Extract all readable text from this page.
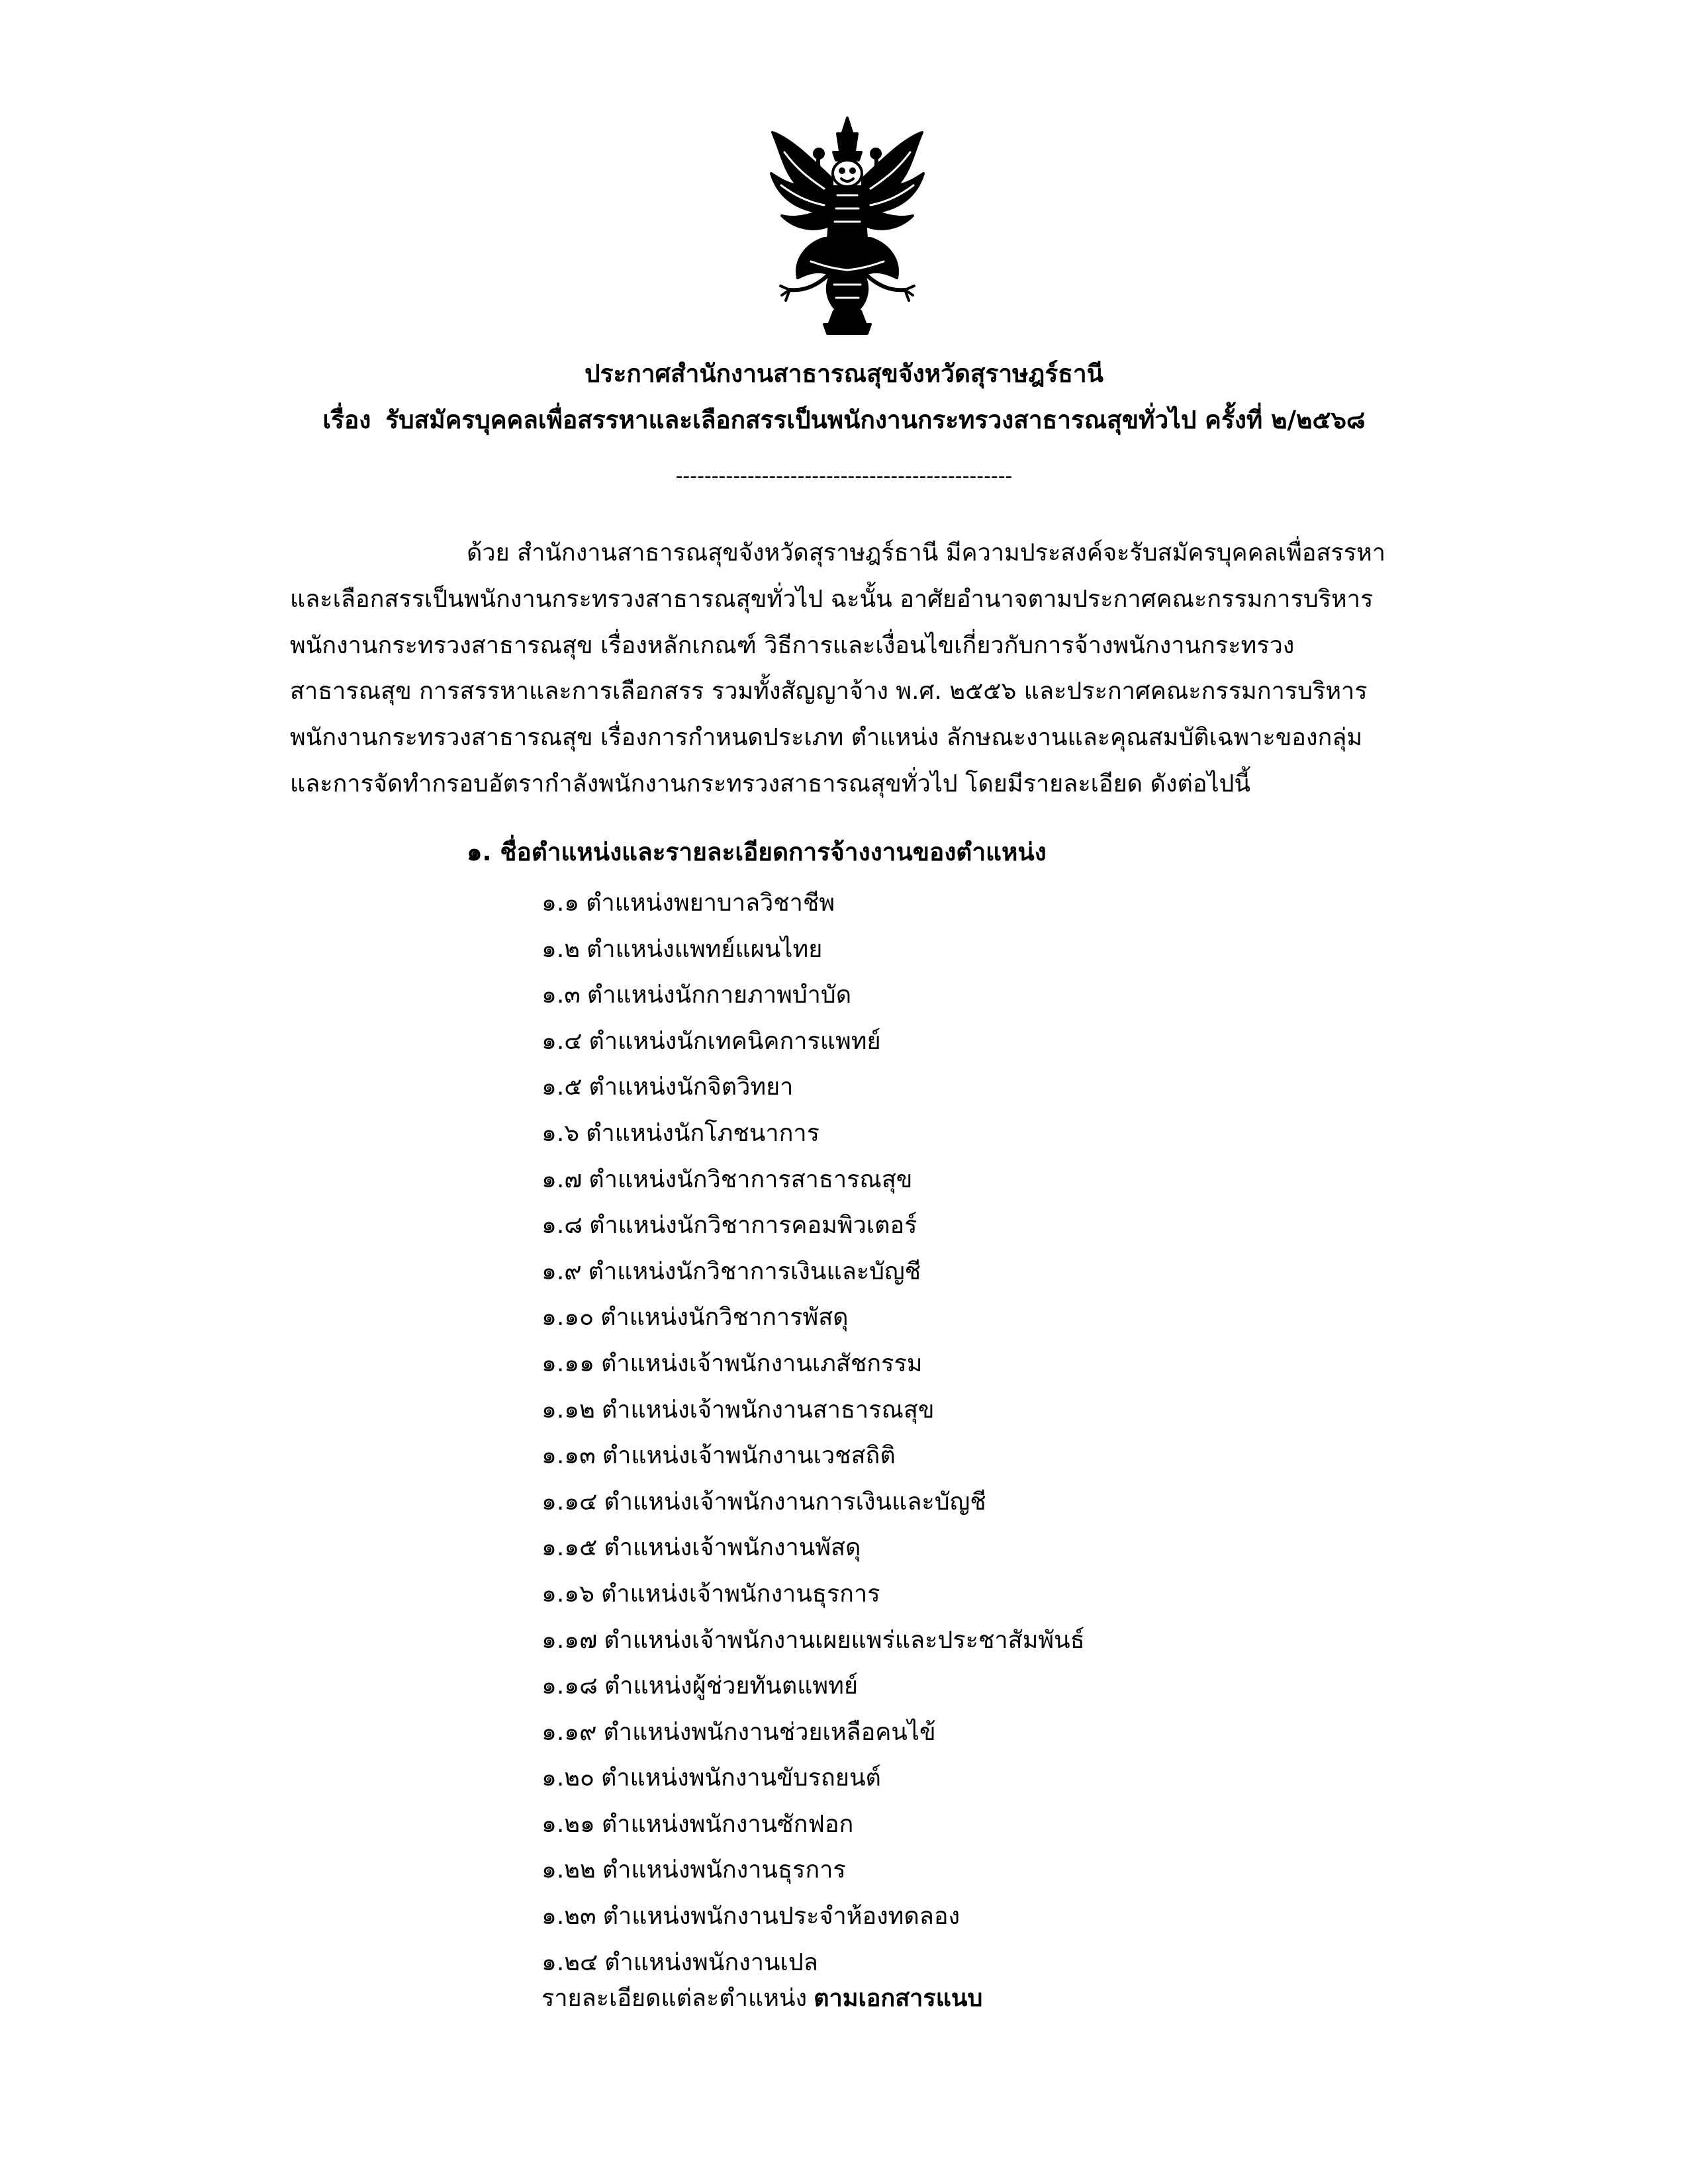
ประกาศสำนักงานสาธารณสุขจังหวัดสุราษฎร์ธานี
เรื่อง รับสมัครบุคคลเพื่อสรรหาและเลือกสรรเป็นพนักงานกระทรวงสาธารณสุขทั่วไป ครั้งที่ ๒/๒๕๖๘
-----------------------------------------------
ด้วย สำนักงานสาธารณสุขจังหวัดสุราษฎร์ธานี มีความประสงค์จะรับสมัครบุคคลเพื่อสรรหา
และเลือกสรรเป็นพนักงานกระทรวงสาธารณสุขทั่วไป ฉะนั้น อาศัยอำนาจตามประกาศคณะกรรมการบริหาร
พนักงานกระทรวงสาธารณสุข เรื่องหลักเกณฑ์ วิธีการและเงื่อนไขเกี่ยวกับการจ้างพนักงานกระทรวง
สาธารณสุข การสรรหาและการเลือกสรร รวมทั้งสัญญาจ้าง พ.ศ. ๒๕๕๖ และประกาศคณะกรรมการบริหาร
พนักงานกระทรวงสาธารณสุข เรื่องการกำหนดประเภท ตำแหน่ง ลักษณะงานและคุณสมบัติเฉพาะของกลุ่ม
และการจัดทำกรอบอัตรากำลังพนักงานกระทรวงสาธารณสุขทั่วไป โดยมีรายละเอียด ดังต่อไปนี้
๑. ชื่อตำแหน่งและรายละเอียดการจ้างงานของตำแหน่ง
๑.๑ ตำแหน่งพยาบาลวิชาชีพ
๑.๒ ตำแหน่งแพทย์แผนไทย
๑.๓ ตำแหน่งนักกายภาพบำบัด
๑.๔ ตำแหน่งนักเทคนิคการแพทย์
๑.๕ ตำแหน่งนักจิตวิทยา
๑.๖ ตำแหน่งนักโภชนาการ
๑.๗ ตำแหน่งนักวิชาการสาธารณสุข
๑.๘ ตำแหน่งนักวิชาการคอมพิวเตอร์
๑.๙ ตำแหน่งนักวิชาการเงินและบัญชี
๑.๑๐ ตำแหน่งนักวิชาการพัสดุ
๑.๑๑ ตำแหน่งเจ้าพนักงานเภสัชกรรม
๑.๑๒ ตำแหน่งเจ้าพนักงานสาธารณสุข
๑.๑๓ ตำแหน่งเจ้าพนักงานเวชสถิติ
๑.๑๔ ตำแหน่งเจ้าพนักงานการเงินและบัญชี
๑.๑๕ ตำแหน่งเจ้าพนักงานพัสดุ
๑.๑๖ ตำแหน่งเจ้าพนักงานธุรการ
๑.๑๗ ตำแหน่งเจ้าพนักงานเผยแพร่และประชาสัมพันธ์
๑.๑๘ ตำแหน่งผู้ช่วยทันตแพทย์
๑.๑๙ ตำแหน่งพนักงานช่วยเหลือคนไข้
๑.๒๐ ตำแหน่งพนักงานขับรถยนต์
๑.๒๑ ตำแหน่งพนักงานซักฟอก
๑.๒๒ ตำแหน่งพนักงานธุรการ
๑.๒๓ ตำแหน่งพนักงานประจำห้องทดลอง
๑.๒๔ ตำแหน่งพนักงานเปล
รายละเอียดแต่ละตำแหน่ง ตามเอกสารแนบ
